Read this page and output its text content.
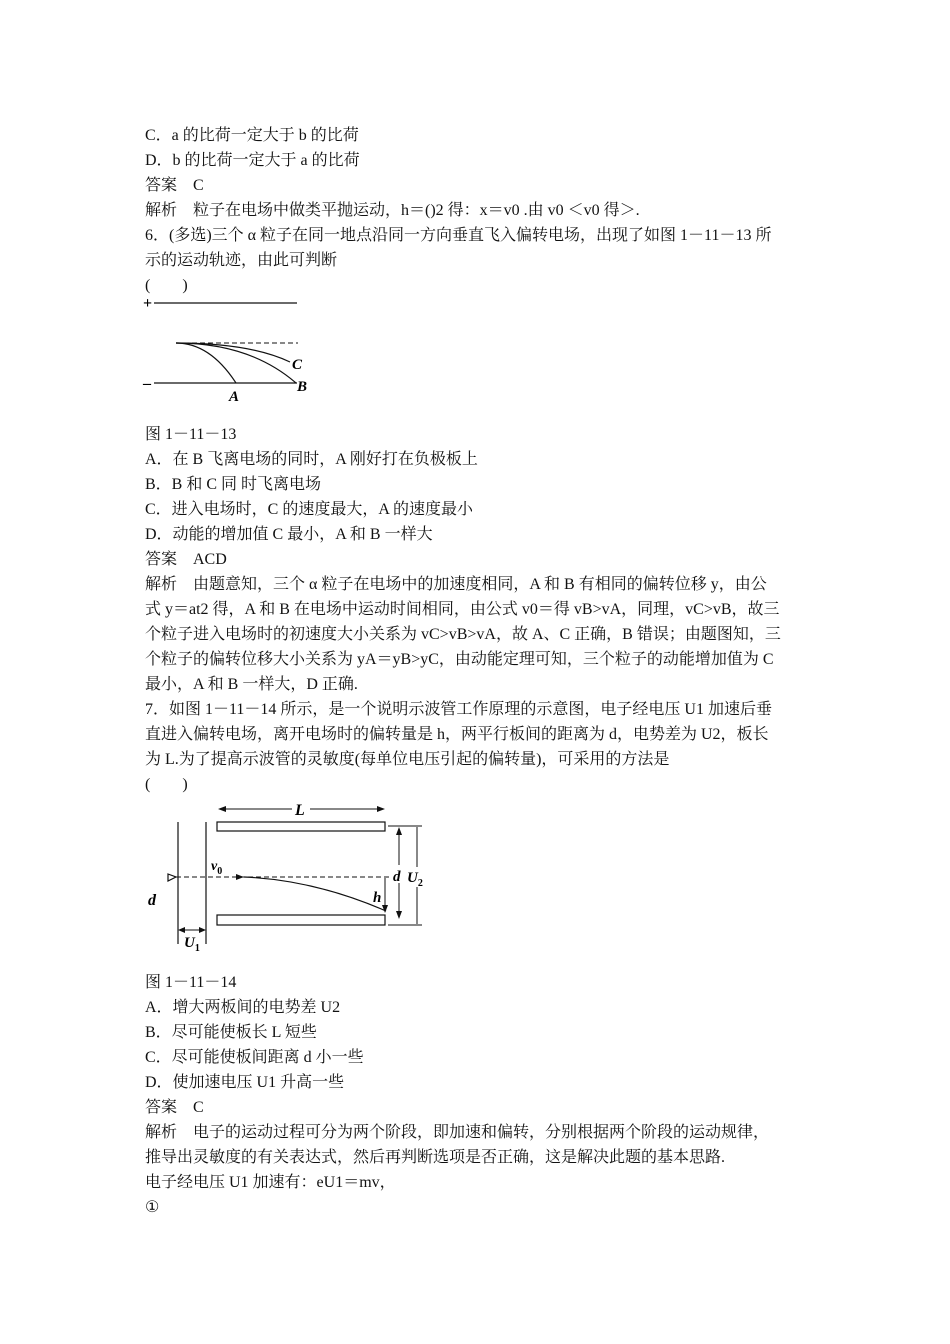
C．a 的比荷一定大于 b 的比荷
D．b 的比荷一定大于 a 的比荷
答案　C
解析　粒子在电场中做类平抛运动，h＝()2 得：x＝v0 .由 v0 ＜v0 得＞.
6．(多选)三个 α 粒子在同一地点沿同一方向垂直飞入偏转电场，出现了如图 1－11－13 所
示的运动轨迹，由此可判断
(　　)
+
–
C
B
A
图 1－11－13
A．在 B 飞离电场的同时，A 刚好打在负极板上
B．B 和 C 同 时飞离电场
C．进入电场时，C 的速度最大，A 的速度最小
D．动能的增加值 C 最小，A 和 B 一样大
答案　ACD
解析　由题意知，三个 α 粒子在电场中的加速度相同，A 和 B 有相同的偏转位移 y，由公
式 y＝at2 得，A 和 B 在电场中运动时间相同，由公式 v0＝得 vB>vA，同理，vC>vB，故三
个粒子进入电场时的初速度大小关系为 vC>vB>vA，故 A、C 正确，B 错误；由题图知，三
个粒子的偏转位移大小关系为 yA＝yB>yC，由动能定理可知，三个粒子的动能增加值为 C
最小，A 和 B 一样大，D 正确.
7．如图 1－11－14 所示，是一个说明示波管工作原理的示意图，电子经电压 U1 加速后垂
直进入偏转电场，离开电场时的偏转量是 h，两平行板间的距离为 d，电势差为 U2，板长
为 L.为了提高示波管的灵敏度(每单位电压引起的偏转量)，可采用的方法是
(　　)
L
$v_0$
h
d $U_2$
d
$U_1$
图 1－11－14
A．增大两板间的电势差 U2
B．尽可能使板长 L 短些
C．尽可能使板间距离 d 小一些
D．使加速电压 U1 升高一些
答案　C
解析　电子的运动过程可分为两个阶段，即加速和偏转，分别根据两个阶段的运动规律，
推导出灵敏度的有关表达式，然后再判断选项是否正确，这是解决此题的基本思路.
电子经电压 U1 加速有：eU1＝mv，
①
